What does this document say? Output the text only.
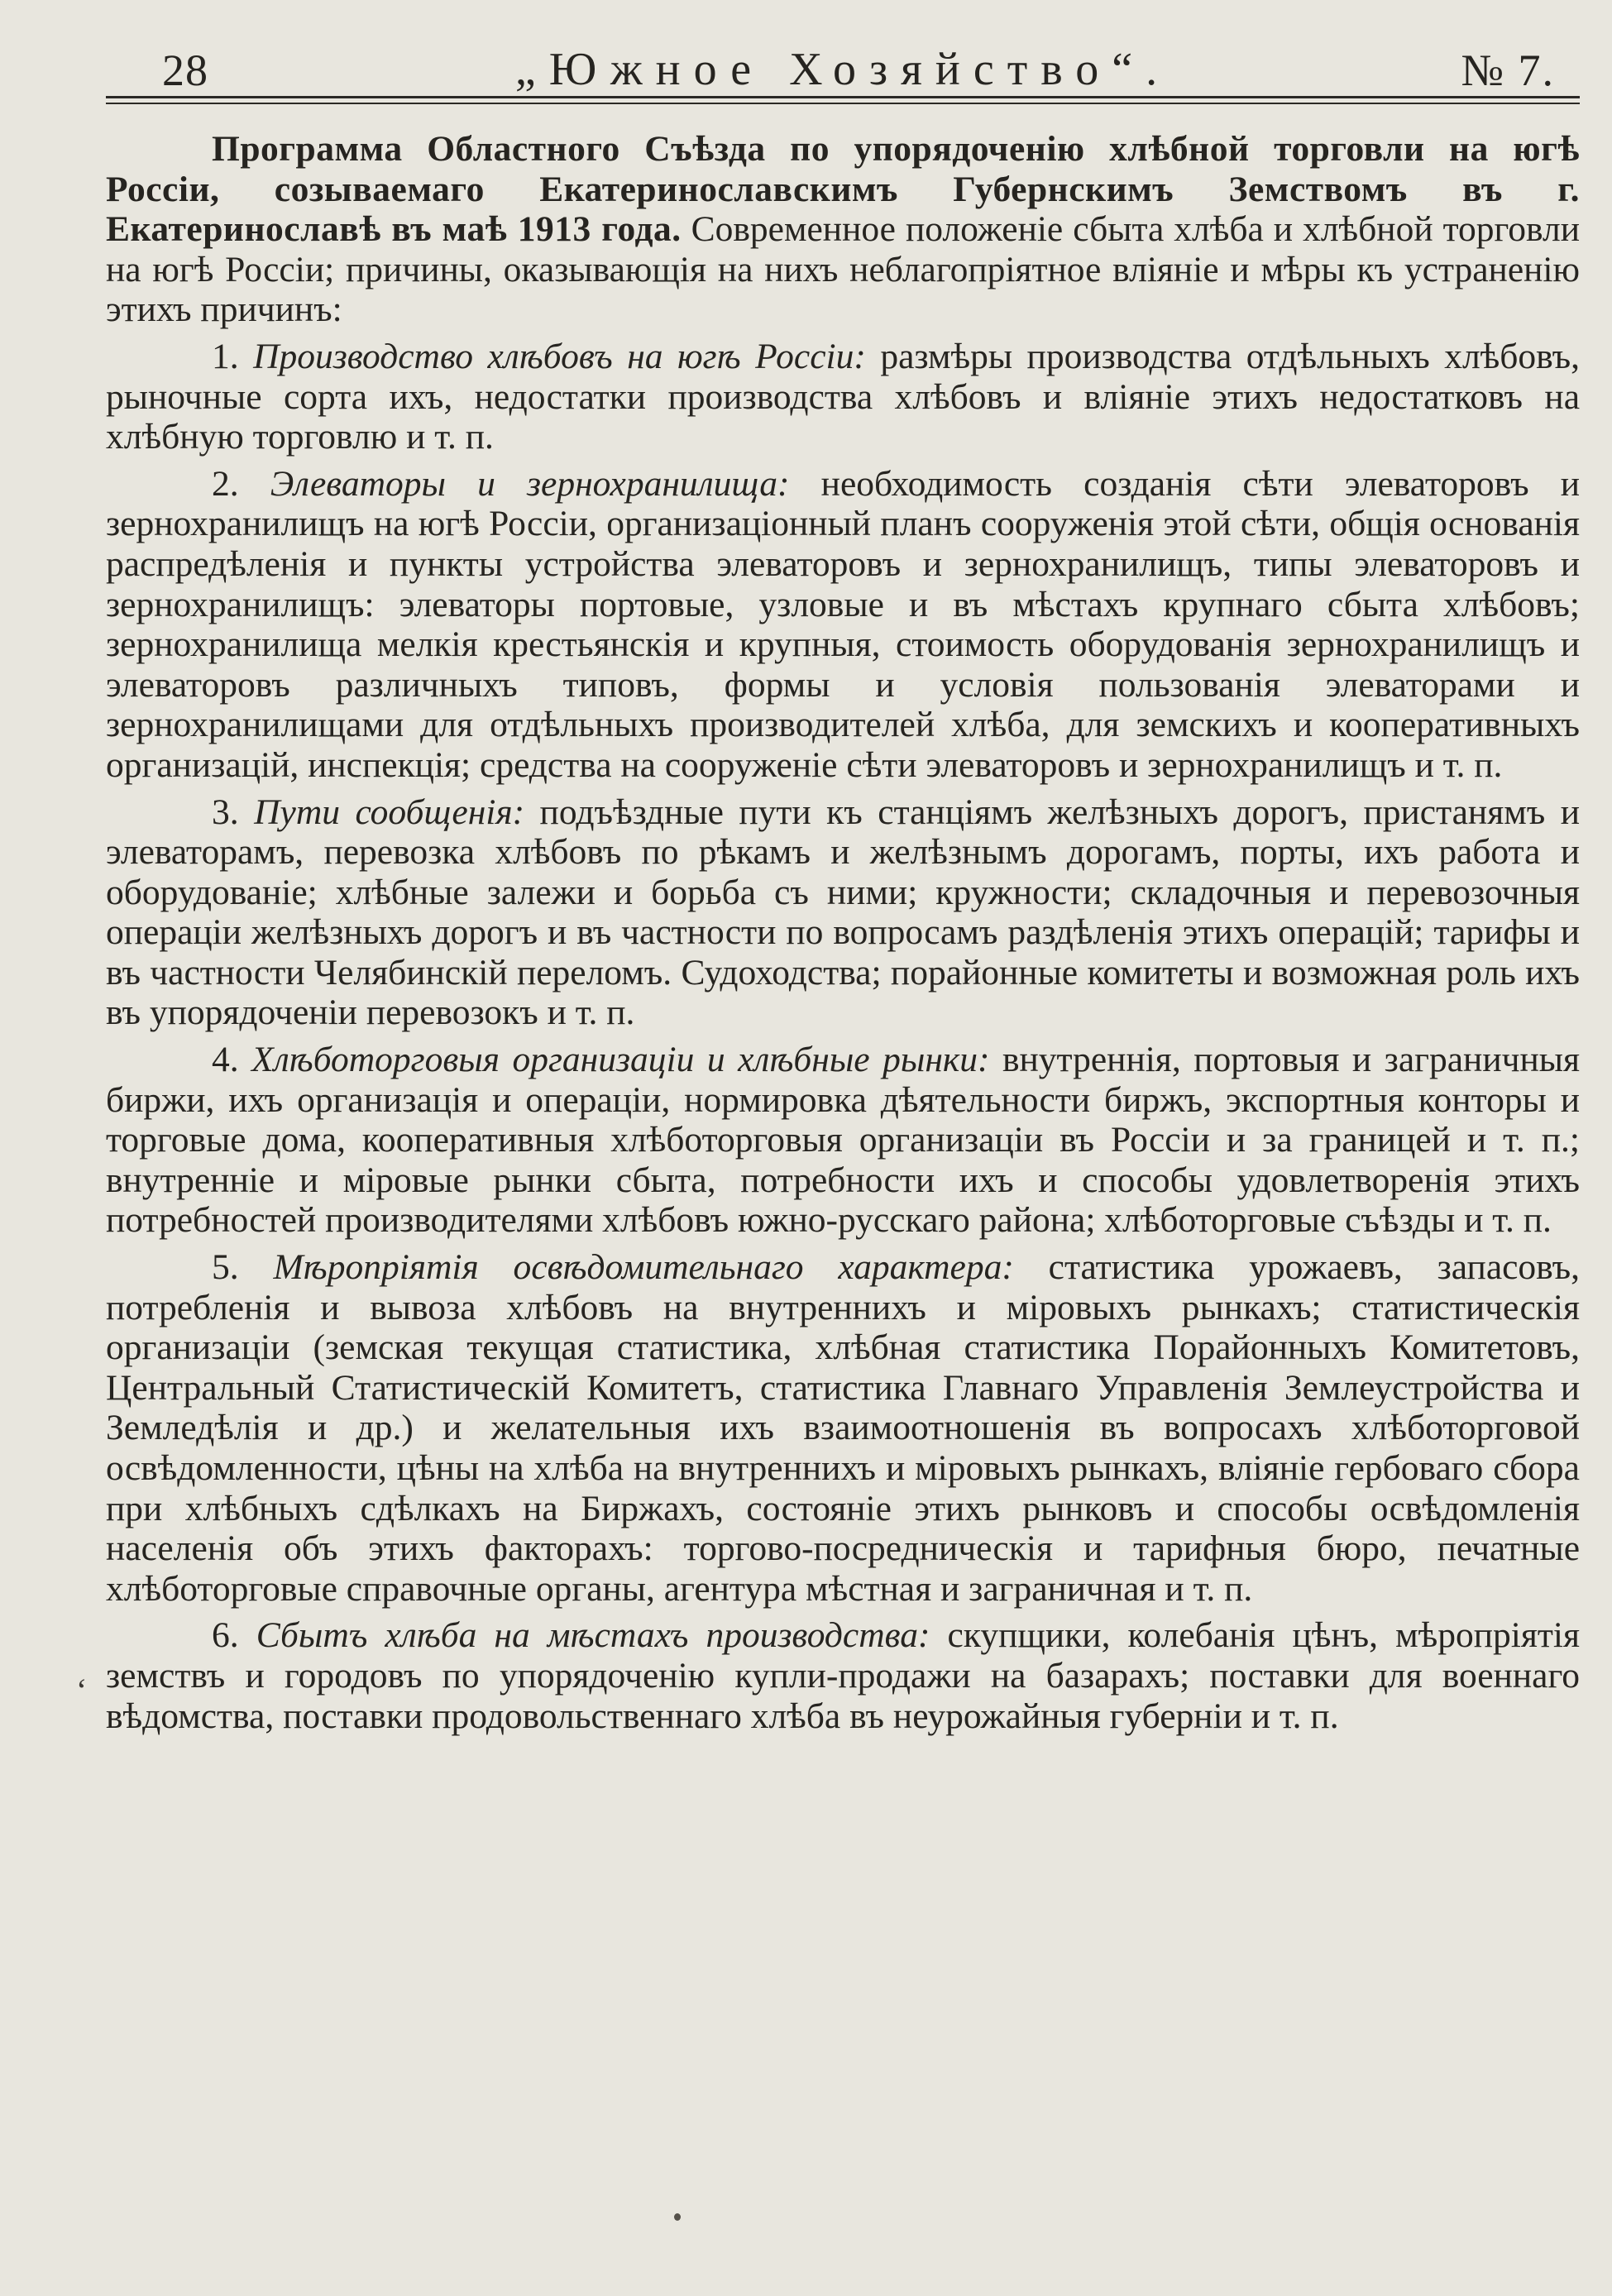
28	„Южное Хозяйство“.	№ 7.

Программа Областного Съѣзда по упорядоченію хлѣбной торговли на югѣ Россіи, созываемаго Екатеринославскимъ Губернскимъ Земствомъ въ г. Екатеринославѣ въ маѣ 1913 года. Современное положеніе сбыта хлѣба и хлѣбной торговли на югѣ Россіи; причины, оказывающія на нихъ неблагопріятное вліяніе и мѣры къ устраненію этихъ причинъ:

1. Производство хлѣбовъ на югѣ Россіи: размѣры производства отдѣльныхъ хлѣбовъ, рыночные сорта ихъ, недостатки производства хлѣбовъ и вліяніе этихъ недостатковъ на хлѣбную торговлю и т. п.

2. Элеваторы и зернохранилища: необходимость созданія сѣти элеваторовъ и зернохранилищъ на югѣ Россіи, организаціонный планъ сооруженія этой сѣти, общія основанія распредѣленія и пункты устройства элеваторовъ и зернохранилищъ, типы элеваторовъ и зернохранилищъ: элеваторы портовые, узловые и въ мѣстахъ крупнаго сбыта хлѣбовъ; зернохранилища мелкія крестьянскія и крупныя, стоимость оборудованія зернохранилищъ и элеваторовъ различныхъ типовъ, формы и условія пользованія элеваторами и зернохранилищами для отдѣльныхъ производителей хлѣба, для земскихъ и кооперативныхъ организацій, инспекція; средства на сооруженіе сѣти элеваторовъ и зернохранилищъ и т. п.

3. Пути сообщенія: подъѣздные пути къ станціямъ желѣзныхъ дорогъ, пристанямъ и элеваторамъ, перевозка хлѣбовъ по рѣкамъ и желѣзнымъ дорогамъ, порты, ихъ работа и оборудованіе; хлѣбные залежи и борьба съ ними; кружности; складочныя и перевозочныя операціи желѣзныхъ дорогъ и въ частности по вопросамъ раздѣленія этихъ операцій; тарифы и въ частности Челябинскій переломъ. Судоходства; порайонные комитеты и возможная роль ихъ въ упорядоченіи перевозокъ и т. п.

4. Хлѣботорговыя организаціи и хлѣбные рынки: внутреннія, портовыя и заграничныя биржи, ихъ организація и операціи, нормировка дѣятельности биржъ, экспортныя конторы и торговые дома, кооперативныя хлѣботорговыя организаціи въ Россіи и за границей и т. п.; внутренніе и міровые рынки сбыта, потребности ихъ и способы удовлетворенія этихъ потребностей производителями хлѣбовъ южно-русскаго района; хлѣботорговые съѣзды и т. п.

5. Мѣропріятія освѣдомительнаго характера: статистика урожаевъ, запасовъ, потребленія и вывоза хлѣбовъ на внутреннихъ и міровыхъ рынкахъ; статистическія организаціи (земская текущая статистика, хлѣбная статистика Порайонныхъ Комитетовъ, Центральный Статистическій Комитетъ, статистика Главнаго Управленія Землеустройства и Земледѣлія и др.) и желательныя ихъ взаимоотношенія въ вопросахъ хлѣботорговой освѣдомленности, цѣны на хлѣба на внутреннихъ и міровыхъ рынкахъ, вліяніе гербоваго сбора при хлѣбныхъ сдѣлкахъ на Биржахъ, состояніе этихъ рынковъ и способы освѣдомленія населенія объ этихъ факторахъ: торгово-посредническія и тарифныя бюро, печатные хлѣботорговые справочные органы, агентура мѣстная и заграничная и т. п.

6. Сбытъ хлѣба на мѣстахъ производства: скупщики, колебанія цѣнъ, мѣропріятія земствъ и городовъ по упорядоченію купли-продажи на базарахъ; поставки для военнаго вѣдомства, поставки продовольственнаго хлѣба въ неурожайныя губерніи и т. п.

ʻ
